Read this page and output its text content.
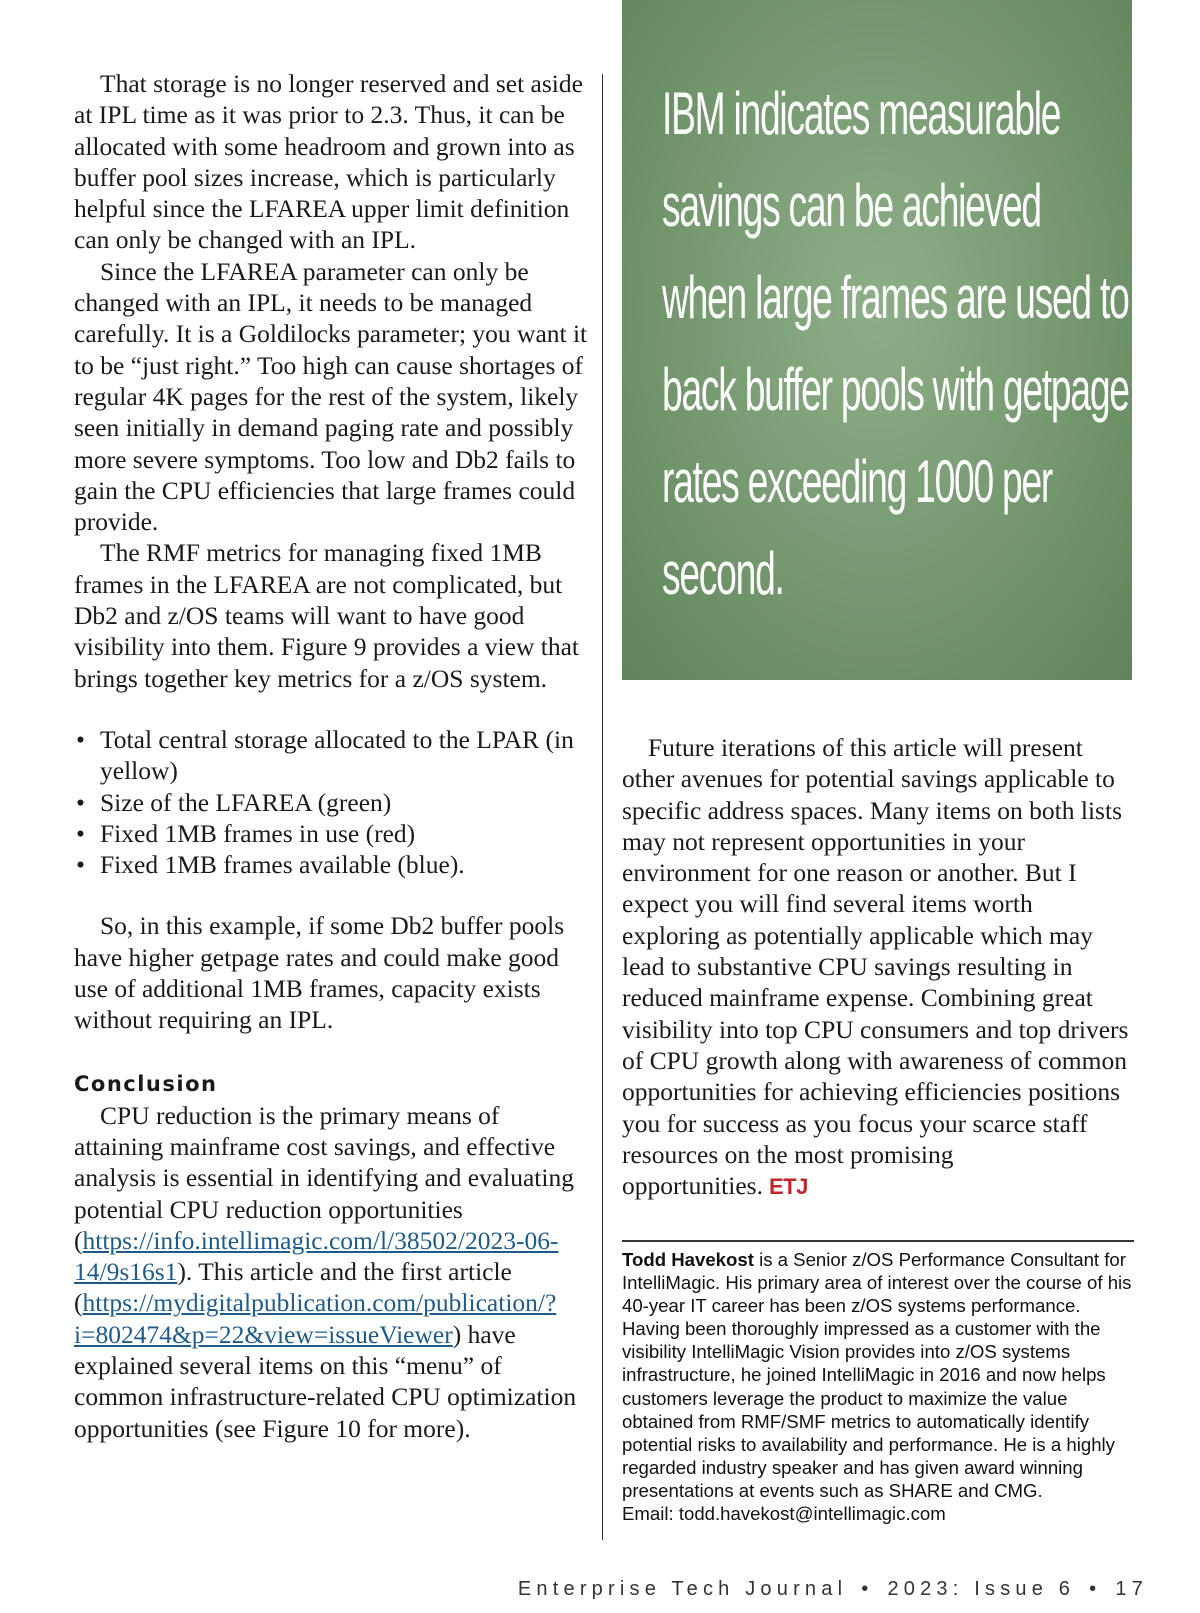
That storage is no longer reserved and set aside at IPL time as it was prior to 2.3. Thus, it can be allocated with some headroom and grown into as buffer pool sizes increase, which is particularly helpful since the LFAREA upper limit definition can only be changed with an IPL.

Since the LFAREA parameter can only be changed with an IPL, it needs to be managed carefully. It is a Goldilocks parameter; you want it to be “just right.” Too high can cause shortages of regular 4K pages for the rest of the system, likely seen initially in demand paging rate and possibly more severe symptoms. Too low and Db2 fails to gain the CPU efficiencies that large frames could provide.

The RMF metrics for managing fixed 1MB frames in the LFAREA are not complicated, but Db2 and z/OS teams will want to have good visibility into them. Figure 9 provides a view that brings together key metrics for a z/OS system.

• Total central storage allocated to the LPAR (in yellow)
• Size of the LFAREA (green)
• Fixed 1MB frames in use (red)
• Fixed 1MB frames available (blue).

So, in this example, if some Db2 buffer pools have higher getpage rates and could make good use of additional 1MB frames, capacity exists without requiring an IPL.

Conclusion

CPU reduction is the primary means of attaining mainframe cost savings, and effective analysis is essential in identifying and evaluating potential CPU reduction opportunities (https://info.intellimagic.com/l/38502/2023-06-14/9s16s1). This article and the first article (https://mydigitalpublication.com/publication/?i=802474&p=22&view=issueViewer) have explained several items on this “menu” of common infrastructure-related CPU optimization opportunities (see Figure 10 for more).

IBM indicates measurable savings can be achieved when large frames are used to back buffer pools with getpage rates exceeding 1000 per second.

Future iterations of this article will present other avenues for potential savings applicable to specific address spaces. Many items on both lists may not represent opportunities in your environment for one reason or another. But I expect you will find several items worth exploring as potentially applicable which may lead to substantive CPU savings resulting in reduced mainframe expense. Combining great visibility into top CPU consumers and top drivers of CPU growth along with awareness of common opportunities for achieving efficiencies positions you for success as you focus your scarce staff resources on the most promising opportunities. ETJ

Todd Havekost is a Senior z/OS Performance Consultant for IntelliMagic. His primary area of interest over the course of his 40-year IT career has been z/OS systems performance. Having been thoroughly impressed as a customer with the visibility IntelliMagic Vision provides into z/OS systems infrastructure, he joined IntelliMagic in 2016 and now helps customers leverage the product to maximize the value obtained from RMF/SMF metrics to automatically identify potential risks to availability and performance. He is a highly regarded industry speaker and has given award winning presentations at events such as SHARE and CMG.
Email: todd.havekost@intellimagic.com

Enterprise Tech Journal • 2023: Issue 6 • 17
